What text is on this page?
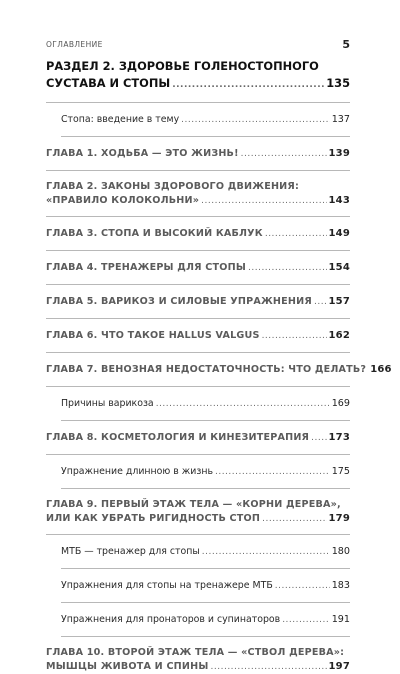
ОГЛАВЛЕНИЕ	5
РАЗДЕЛ 2. ЗДОРОВЬЕ ГОЛЕНОСТОПНОГО
СУСТАВА И СТОПЫ .....	135
Стопа: введение в тему .....	137
ГЛАВА 1. ХОДЬБА — ЭТО ЖИЗНЬ! .....	139
ГЛАВА 2. ЗАКОНЫ ЗДОРОВОГО ДВИЖЕНИЯ:
«ПРАВИЛО КОЛОКОЛЬНИ» .....	143
ГЛАВА 3. СТОПА И ВЫСОКИЙ КАБЛУК .....	149
ГЛАВА 4. ТРЕНАЖЕРЫ ДЛЯ СТОПЫ .....	154
ГЛАВА 5. ВАРИКОЗ И СИЛОВЫЕ УПРАЖНЕНИЯ ..... 157
ГЛАВА 6. ЧТО ТАКОЕ HALLUS VALGUS .....	162
ГЛАВА 7. ВЕНОЗНАЯ НЕДОСТАТОЧНОСТЬ: ЧТО ДЕЛАТЬ? 166
Причины варикоза .....	169
ГЛАВА 8. КОСМЕТОЛОГИЯ И КИНЕЗИТЕРАПИЯ ..... 173
Упражнение длинною в жизнь .....	175
ГЛАВА 9. ПЕРВЫЙ ЭТАЖ ТЕЛА — «КОРНИ ДЕРЕВА»,
ИЛИ КАК УБРАТЬ РИГИДНОСТЬ СТОП .....	179
МТБ — тренажер для стопы .....	180
Упражнения для стопы на тренажере МТБ .....	183
Упражнения для пронаторов и супинаторов .....	191
ГЛАВА 10. ВТОРОЙ ЭТАЖ ТЕЛА — «СТВОЛ ДЕРЕВА»:
МЫШЦЫ ЖИВОТА И СПИНЫ .....	197
